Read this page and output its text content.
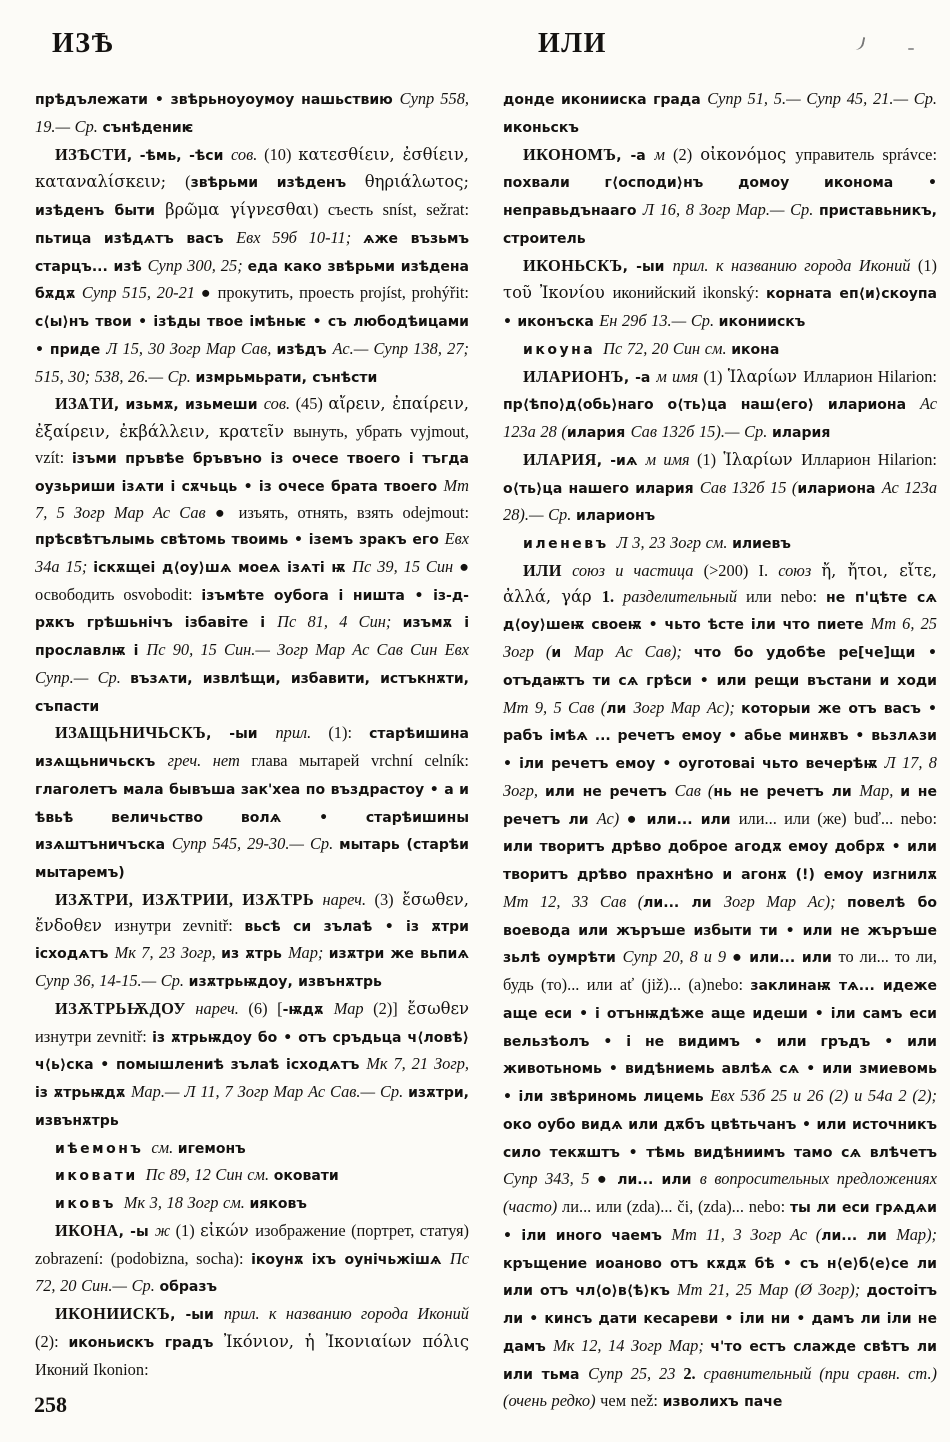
ИЗѢ	ИЛИ

прѣдълежати • звѣрьноуоумоу нашьствию Супр 558, 19.— Ср. сънѣдениѥ

ИЗѢСТИ, -ѣмь, -ѣси сов. (10) κατεσθίειν, ἐσθίειν, καταναλίσκειν; (звѣрьми изѣденъ θηριάλωτος; изѣденъ быти βρῶμα γίγνεσθαι) съесть sníst, sežrat: пьтица изѣдѧтъ васъ Евх 59б 10-11; ѧже възьмъ старцъ... изѣ Супр 300, 25; еда како звѣрьми изѣдена бѫдѫ Супр 515, 20-21 ● прокутить, проесть projíst, prohýřit: с⟨ы⟩нъ твои • ізѣды твое імѣньѥ • съ любодѣицами • приде Л 15, 30 Зогр Мар Сав, изѣдъ Ас.— Супр 138, 27; 515, 30; 538, 26.— Ср. измрьмьрати, сънѣсти

ИЗѦТИ, изьмѫ, изьмеши сов. (45) αἴρειν, ἐπαίρειν, ἐξαίρειν, ἐκβάλλειν, κρατεῖν вынуть, убрать vyjmout, vzít: ізъми пръвѣе бръвъно із очесе твоего і тъгда оузьриши ізѧти і сѫчьць • із очесе брата твоего Мт 7, 5 Зогр Мар Ас Сав ● изъять, отнять, взять odejmout: прѣсвѣтълымь свѣтомь твоимь • іземъ зракъ его Евх 34а 15; іскѫщеі д⟨оу⟩шѧ моеѧ ізѧті ѭ Пс 39, 15 Син ● освободить osvobodit: ізъмѣте оубога і ништа • із-д-рѫкъ грѣшьнічъ ізбавіте і Пс 81, 4 Син; изъмѫ і прославлѭ і Пс 90, 15 Син.— Зогр Мар Ас Сав Син Евх Супр.— Ср. възѧти, извлѣщи, избавити, истъкнѫти, съпасти

ИЗѦЩЬНИЧЬСКЪ, -ыи прил. (1): старѣишина изѧщьничьскъ греч. нет глава мытарей vrchní celník: глаголетъ мала бывъша зак'хеа по въздрастоу • а и ѣвьѣ величьство волѧ • старѣишины изѧштъничъска Супр 545, 29-30.— Ср. мытарь (старѣи мытаремъ)

ИЗѪТРИ, ИЗѪТРИИ, ИЗѪТРЬ нареч. (3) ἔσωθεν, ἔνδοθεν изнутри zevnitř: вьсѣ си зълаѣ • із ѫтри ісходѧтъ Мк 7, 23 Зогр, из ѫтрь Мар; изѫтри же вьпиѧ Супр 36, 14-15.— Ср. изѫтрьѭдоу, извънѫтрь

ИЗѪТРЬѬДОУ нареч. (6) [-ѭдѫ Мар (2)] ἔσωθεν изнутри zevnitř: із ѫтрьѭдоу бо • отъ сръдьца ч⟨ловѣ⟩ч⟨ь⟩ска • помышлениѣ зълаѣ ісходѧтъ Мк 7, 21 Зогр, із ѫтрьѭдѫ Мар.— Л 11, 7 Зогр Мар Ас Сав.— Ср. изѫтри, извънѫтрь

иѣемонъ см. игемонъ

иковати Пс 89, 12 Син см. оковати

иковъ Мк 3, 18 Зогр см. ияковъ

ИКОНА, -ы ж (1) εἰκών изображение (портрет, статуя) zobrazení: (podobizna, socha): ікоунѫ іхъ оунічьжішѧ Пс 72, 20 Син.— Ср. образъ

ИКОНИИСКЪ, -ыи прил. к названию города Иконий (2): иконьискъ градъ Ἰκόνιον, ἡ Ἰκονιαίων πόλις Иконий Ikonion:

донде иконииска града Супр 51, 5.— Супр 45, 21.— Ср. иконьскъ

ИКОНОМЪ, -а м (2) οἰκονόμος управитель správce: похвали г⟨осподи⟩нъ домоу иконома • неправьдънааго Л 16, 8 Зогр Мар.— Ср. приставьникъ, строитель

ИКОНЬСКЪ, -ыи прил. к названию города Иконий (1) τοῦ Ἰκονίου иконийский ikonský: корната еп⟨и⟩скоупа • иконъска Ен 29б 13.— Ср. икониискъ

икоуна Пс 72, 20 Син см. икона

ИЛАРИОНЪ, -а м имя (1) Ἱλαρίων Илларион Hilarion: пр⟨ѣпо⟩д⟨обь⟩наго о⟨ть⟩ца наш⟨его⟩ илариона Ас 123а 28 (илария Сав 132б 15).— Ср. илария

ИЛАРИЯ, -иѧ м имя (1) Ἱλαρίων Илларион Hilarion: о⟨ть⟩ца нашего илария Сав 132б 15 (илариона Ас 123а 28).— Ср. иларионъ

иленевъ Л 3, 23 Зогр см. илиевъ

ИЛИ союз и частица (>200) I. союз ἤ, ἤτοι, εἴτε, ἀλλά, γάρ 1. разделительный или nebo: не п'цѣте сѧ д⟨оу⟩шеѭ своеѭ • чьто ѣсте іли что пиете Мт 6, 25 Зогр (и Мар Ас Сав); что бо удобѣе ре[че]щи • отъдаѭтъ ти сѧ грѣси • или рещи въстани и ходи Мт 9, 5 Сав (ли Зогр Мар Ас); которыи же отъ васъ • рабъ імѣѧ ... речетъ емоу • абье минѫвъ • вьзлѧзи • іли речетъ емоу • оуготоваі чьто вечерѣѭ Л 17, 8 Зогр, или не речетъ Сав (нь не речетъ ли Мар, и не речетъ ли Ас) ● или... или или... или (же) buď... nebo: или творитъ дрѣво доброе агодѫ емоу добрѫ • или творитъ дрѣво прахнѣно и агонѫ (!) емоу изгнилѫ Мт 12, 33 Сав (ли... ли Зогр Мар Ас); повелѣ бо воевода или жъръше избыти ти • или не жъръше зьлѣ оумрѣти Супр 20, 8 и 9 ● или... или то ли... то ли, будь (то)... или ať (již)... (a)nebo: заклинаѭ тѧ... идеже аще еси • і отънѭдѣже аще идеши • іли самъ еси вельзѣолъ • і не видимъ • или гръдъ • или животьномь • видѣниемь авлѣѧ сѧ • или змиевомь • іли звѣриномь лицемь Евх 53б 25 и 26 (2) и 54а 2 (2); око оубо видѧ или дѫбъ цвѣтьчанъ • или источникъ сило текѫштъ • тѣмь видѣниимъ тамо сѧ влѣчетъ Супр 343, 5 ● ли... или в вопросительных предложениях (часто) ли... или (zda)... či, (zda)... nebo: ты ли еси грѧдѧи • іли иного чаемъ Мт 11, 3 Зогр Ас (ли... ли Мар); кръщение иоаново отъ кѫдѫ бѣ • съ н⟨е⟩б⟨е⟩се ли или отъ чл⟨о⟩в⟨ѣ⟩къ Мт 21, 25 Мар (Ø Зогр); достоітъ ли • кинсъ дати кесареви • іли ни • дамъ ли іли не дамъ Мк 12, 14 Зогр Мар; ч'то естъ слажде свѣтъ ли или тьма Супр 25, 23 2. сравнительный (при сравн. ст.) (очень редко) чем než: изволихъ паче

258
